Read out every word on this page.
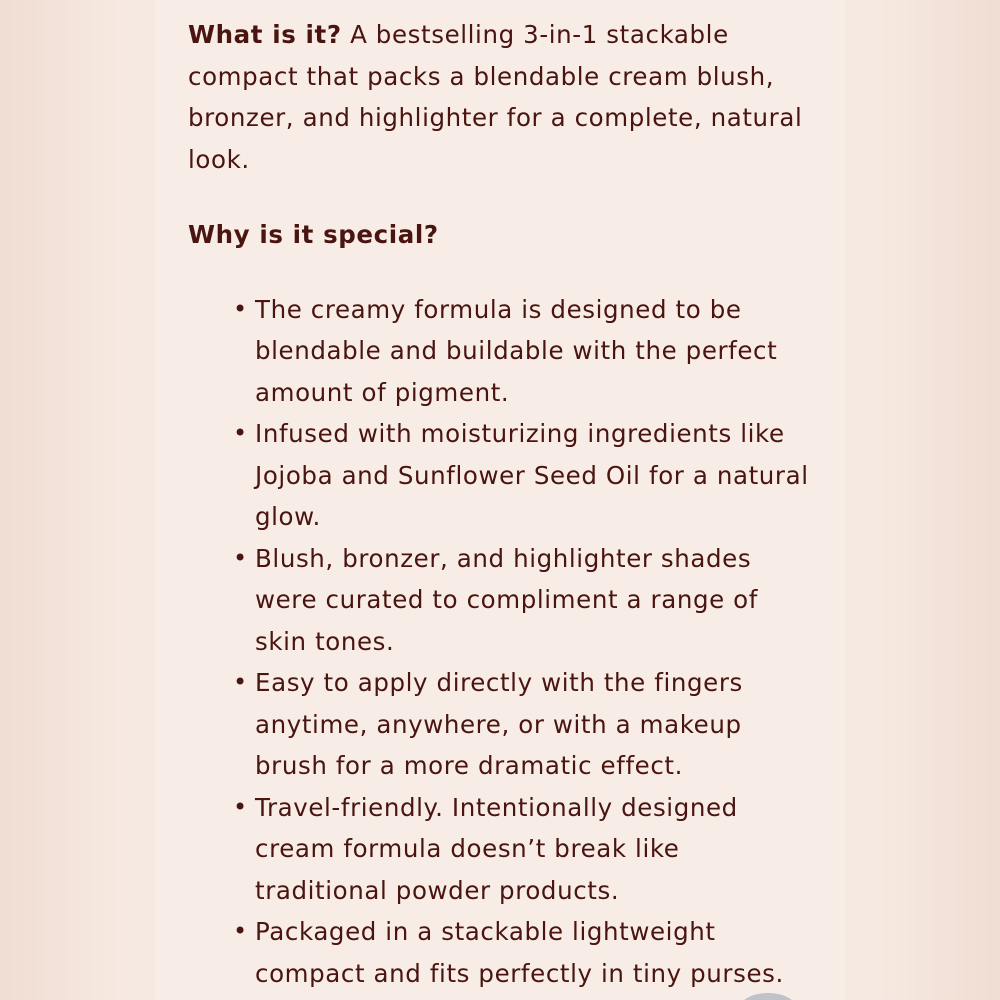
What is it? A bestselling 3-in-1 stackable compact that packs a blendable cream blush, bronzer, and highlighter for a complete, natural look.

Why is it special?

• The creamy formula is designed to be blendable and buildable with the perfect amount of pigment.
• Infused with moisturizing ingredients like Jojoba and Sunflower Seed Oil for a natural glow.
• Blush, bronzer, and highlighter shades were curated to compliment a range of skin tones.
• Easy to apply directly with the fingers anytime, anywhere, or with a makeup brush for a more dramatic effect.
• Travel-friendly. Intentionally designed cream formula doesn’t break like traditional powder products.
• Packaged in a stackable lightweight compact and fits perfectly in tiny purses.
